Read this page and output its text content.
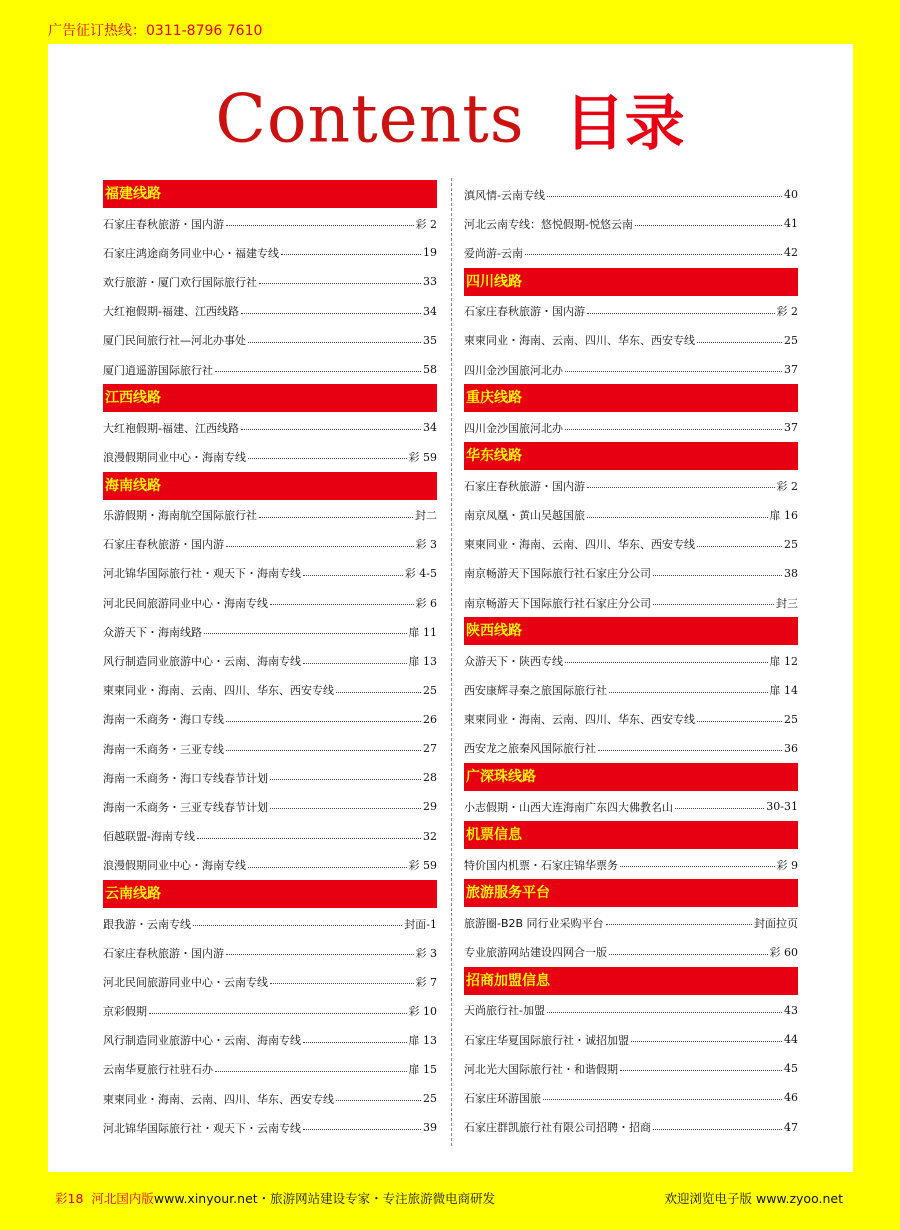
广告征订热线：0311-8796 7610
Contents 目录
福建线路
石家庄春秋旅游・国内游	彩 2
石家庄鸿途商务同业中心・福建专线	19
欢行旅游・厦门欢行国际旅行社	33
大红袍假期-福建、江西线路	34
厦门民间旅行社—河北办事处	35
厦门逍遥游国际旅行社	58
江西线路
大红袍假期-福建、江西线路	34
浪漫假期同业中心・海南专线	彩 59
海南线路
乐游假期・海南航空国际旅行社	封二
石家庄春秋旅游・国内游	彩 3
河北锦华国际旅行社・观天下・海南专线	彩 4-5
河北民间旅游同业中心・海南专线	彩 6
众游天下・海南线路	扉 11
风行制造同业旅游中心・云南、海南专线	扉 13
柬柬同业・海南、云南、四川、华东、西安专线	25
海南一禾商务・海口专线	26
海南一禾商务・三亚专线	27
海南一禾商务・海口专线春节计划	28
海南一禾商务・三亚专线春节计划	29
佰越联盟-海南专线	32
浪漫假期同业中心・海南专线	彩 59
云南线路
跟我游・云南专线	封面-1
石家庄春秋旅游・国内游	彩 3
河北民间旅游同业中心・云南专线	彩 7
京彩假期	彩 10
风行制造同业旅游中心・云南、海南专线	扉 13
云南华夏旅行社驻石办	扉 15
柬柬同业・海南、云南、四川、华东、西安专线	25
河北锦华国际旅行社・观天下・云南专线	39
滇风情-云南专线	40
河北云南专线：悠悦假期-悦悠云南	41
爱尚游-云南	42
四川线路
石家庄春秋旅游・国内游	彩 2
柬柬同业・海南、云南、四川、华东、西安专线	25
四川金沙国旅河北办	37
重庆线路
四川金沙国旅河北办	37
华东线路
石家庄春秋旅游・国内游	彩 2
南京凤凰・黄山吴越国旅	扉 16
柬柬同业・海南、云南、四川、华东、西安专线	25
南京畅游天下国际旅行社石家庄分公司	38
南京畅游天下国际旅行社石家庄分公司	封三
陕西线路
众游天下・陕西专线	扉 12
西安康辉寻秦之旅国际旅行社	扉 14
柬柬同业・海南、云南、四川、华东、西安专线	25
西安龙之旅秦风国际旅行社	36
广深珠线路
小志假期・山西大连海南广东四大佛教名山	30-31
机票信息
特价国内机票・石家庄锦华票务	彩 9
旅游服务平台
旅游圈-B2B 同行业采购平台	封面拉页
专业旅游网站建设四网合一版	彩 60
招商加盟信息
天尚旅行社-加盟	43
石家庄华夏国际旅行社・诚招加盟	44
河北光大国际旅行社・和谐假期	45
石家庄环游国旅	46
石家庄群凯旅行社有限公司招聘・招商	47
彩18 河北国内版www.xinyour.net・旅游网站建设专家・专注旅游微电商研发	欢迎浏览电子版 www.zyoo.net
